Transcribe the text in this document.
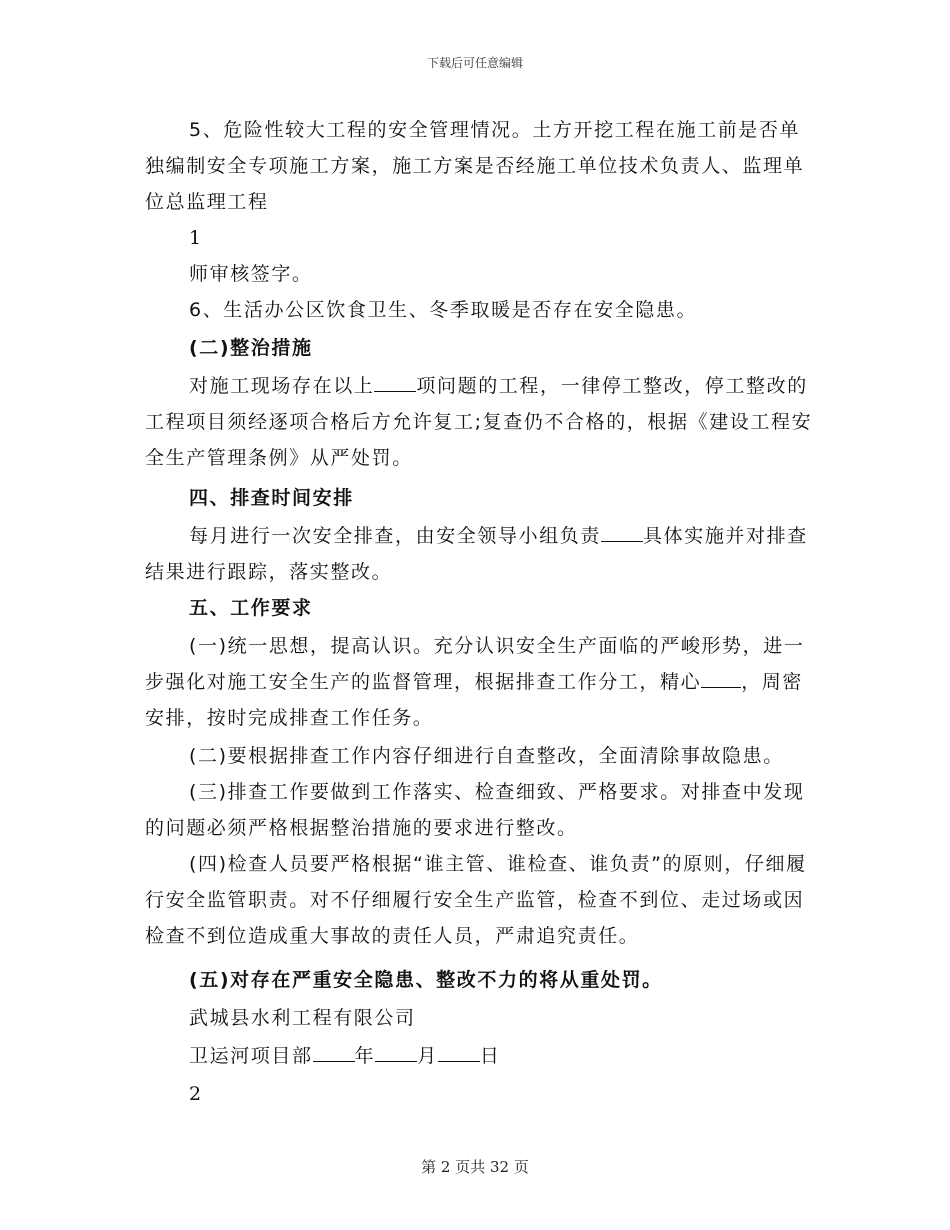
下载后可任意编辑

5、危险性较大工程的安全管理情况。土方开挖工程在施工前是否单独编制安全专项施工方案，施工方案是否经施工单位技术负责人、监理单位总监理工程

1

师审核签字。

6、生活办公区饮食卫生、冬季取暖是否存在安全隐患。

(二)整治措施

对施工现场存在以上 项问题的工程，一律停工整改，停工整改的工程项目须经逐项合格后方允许复工;复查仍不合格的，根据《建设工程安全生产管理条例》从严处罚。

四、排查时间安排

每月进行一次安全排查，由安全领导小组负责 具体实施并对排查结果进行跟踪，落实整改。

五、工作要求

(一)统一思想，提高认识。充分认识安全生产面临的严峻形势，进一步强化对施工安全生产的监督管理，根据排查工作分工，精心 ，周密安排，按时完成排查工作任务。

(二)要根据排查工作内容仔细进行自查整改，全面清除事故隐患。

(三)排查工作要做到工作落实、检查细致、严格要求。对排查中发现的问题必须严格根据整治措施的要求进行整改。

(四)检查人员要严格根据“谁主管、谁检查、谁负责”的原则，仔细履行安全监管职责。对不仔细履行安全生产监管，检查不到位、走过场或因检查不到位造成重大事故的责任人员，严肃追究责任。

(五)对存在严重安全隐患、整改不力的将从重处罚。

武城县水利工程有限公司

卫运河项目部 年 月 日

2

第 2 页共 32 页
